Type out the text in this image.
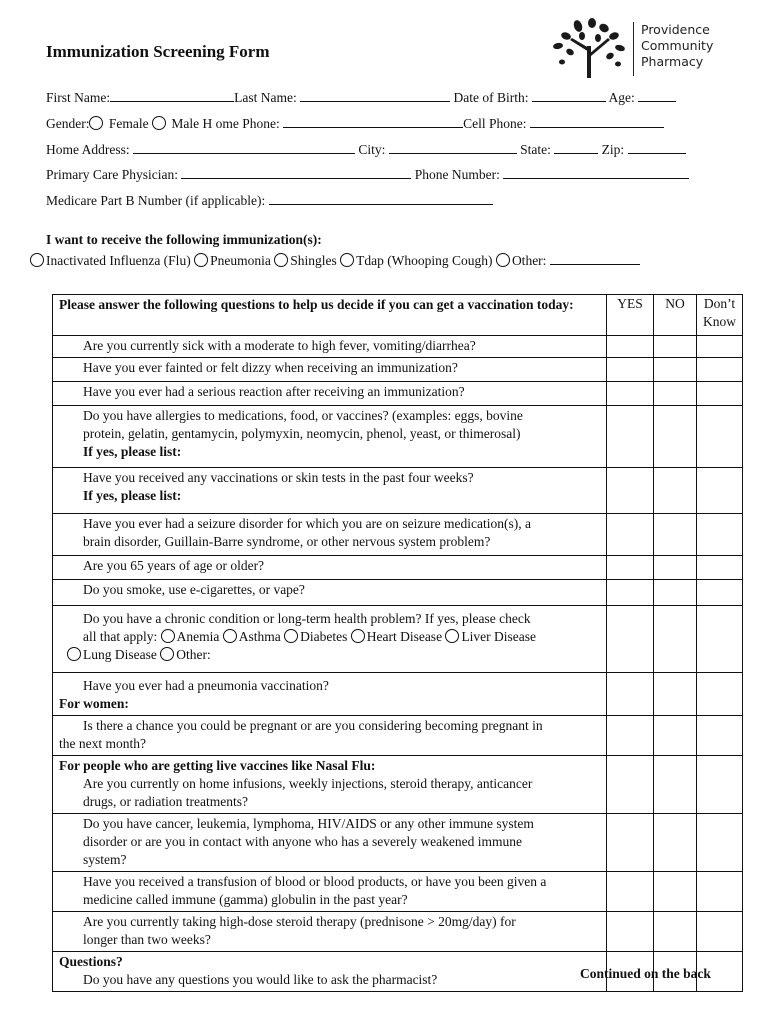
Immunization Screening Form
Providence
Community
Pharmacy
First Name:	Last Name:	Date of Birth:	Age:
Gender: Female Male H ome Phone:	Cell Phone:
Home Address:	City:	State:	Zip:
Primary Care Physician:	Phone Number:
Medicare Part B Number (if applicable):
I want to receive the following immunization(s):
Inactivated Influenza (Flu) Pneumonia Shingles Tdap (Whooping Cough) Other:
Please answer the following questions to help us decide if you can get a vaccination today:	YES	NO	Don’t Know
Are you currently sick with a moderate to high fever, vomiting/diarrhea?			
Have you ever fainted or felt dizzy when receiving an immunization?			
Have you ever had a serious reaction after receiving an immunization?			

Do you have allergies to medications, food, or vaccines? (examples: eggs, bovine
protein, gelatin, gentamycin, polymyxin, neomycin, phenol, yeast, or thimerosal)
If yes, please list:			

Have you received any vaccinations or skin tests in the past four weeks?
If yes, please list:			

Have you ever had a seizure disorder for which you are on seizure medication(s), a
brain disorder, Guillain-Barre syndrome, or other nervous system problem?			

Are you 65 years of age or older?			
Do you smoke, use e-cigarettes, or vape?			

Do you have a chronic condition or long-term health problem? If yes, please check
all that apply: Anemia Asthma Diabetes Heart Disease Liver Disease
Lung Disease Other:			

Have you ever had a pneumonia vaccination?
For women:			

Is there a chance you could be pregnant or are you considering becoming pregnant in
the next month?			

For people who are getting live vaccines like Nasal Flu:
Are you currently on home infusions, weekly injections, steroid therapy, anticancer
drugs, or radiation treatments?			

Do you have cancer, leukemia, lymphoma, HIV/AIDS or any other immune system
disorder or are you in contact with anyone who has a severely weakened immune
system?			

Have you received a transfusion of blood or blood products, or have you been given a
medicine called immune (gamma) globulin in the past year?			

Are you currently taking high-dose steroid therapy (prednisone > 20mg/day) for
longer than two weeks?			

Questions?
Do you have any questions you would like to ask the pharmacist?			
				Continued on the back
